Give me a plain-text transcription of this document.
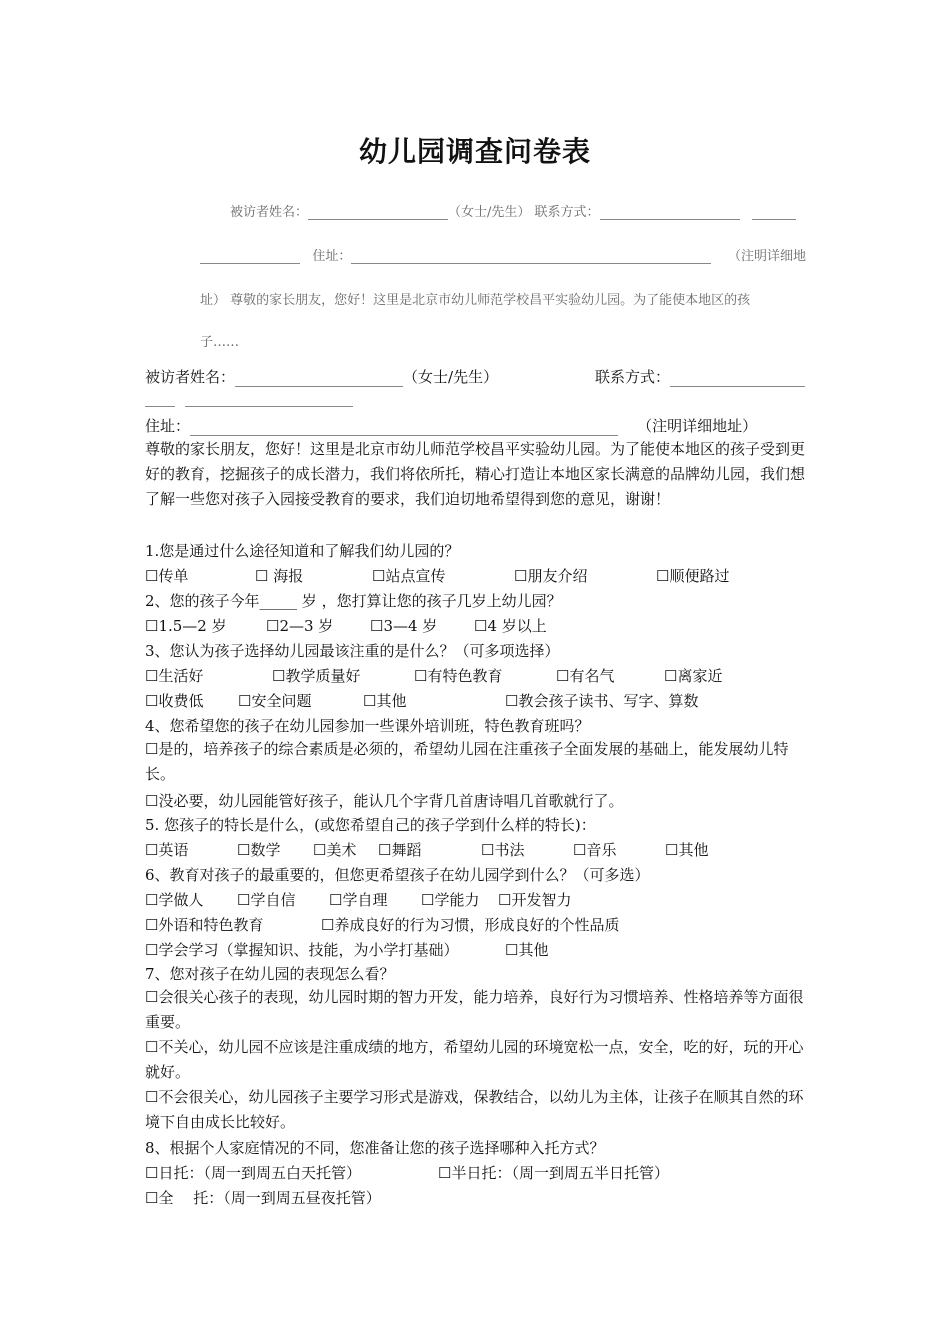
幼儿园调查问卷表
被访者姓名：	（女士/先生） 联系方式：
住址：	（注明详细地
址） 尊敬的家长朋友，您好！这里是北京市幼儿师范学校昌平实验幼儿园。为了能使本地区的孩
子……
被访者姓名：	（女士/先生）	联系方式：
住址：	（注明详细地址）
尊敬的家长朋友，您好！这里是北京市幼儿师范学校昌平实验幼儿园。为了能使本地区的孩子受到更好的教育，挖掘孩子的成长潜力，我们将依所托，精心打造让本地区家长满意的品牌幼儿园，我们想了解一些您对孩子入园接受教育的要求，我们迫切地希望得到您的意见，谢谢！
1.您是通过什么途径知道和了解我们幼儿园的？
☐传单	☐ 海报	☐站点宣传	☐朋友介绍	☐顺便路过
2、您的孩子今年_____ 岁 ，您打算让您的孩子几岁上幼儿园？
☐1.5—2 岁	☐2—3 岁 ☐3—4 岁 ☐4 岁以上
3、您认为孩子选择幼儿园最该注重的是什么？（可多项选择）
☐生活好	☐教学质量好	☐有特色教育	☐有名气	☐离家近
☐收费低 ☐安全问题	☐其他	☐教会孩子读书、写字、算数
4、您希望您的孩子在幼儿园参加一些课外培训班，特色教育班吗？
☐是的，培养孩子的综合素质是必须的，希望幼儿园在注重孩子全面发展的基础上，能发展幼儿特长。
☐没必要，幼儿园能管好孩子，能认几个字背几首唐诗唱几首歌就行了。
5. 您孩子的特长是什么，(或您希望自己的孩子学到什么样的特长)：
☐英语	☐数学 ☐美术 ☐舞蹈	☐书法	☐音乐	☐其他
6、教育对孩子的最重要的，但您更希望孩子在幼儿园学到什么？（可多选）
☐学做人 ☐学自信 ☐学自理 ☐学能力 ☐开发智力
☐外语和特色教育	☐养成良好的行为习惯，形成良好的个性品质
☐学会学习（掌握知识、技能，为小学打基础）	☐其他
7、您对孩子在幼儿园的表现怎么看？
☐会很关心孩子的表现，幼儿园时期的智力开发，能力培养，良好行为习惯培养、性格培养等方面很重要。
☐不关心，幼儿园不应该是注重成绩的地方，希望幼儿园的环境宽松一点，安全，吃的好，玩的开心就好。
☐不会很关心，幼儿园孩子主要学习形式是游戏，保教结合，以幼儿为主体，让孩子在顺其自然的环境下自由成长比较好。
8、根据个人家庭情况的不同，您准备让您的孩子选择哪种入托方式？
☐日托：（周一到周五白天托管）	☐半日托：（周一到周五半日托管）
☐全　 托：（周一到周五昼夜托管）
